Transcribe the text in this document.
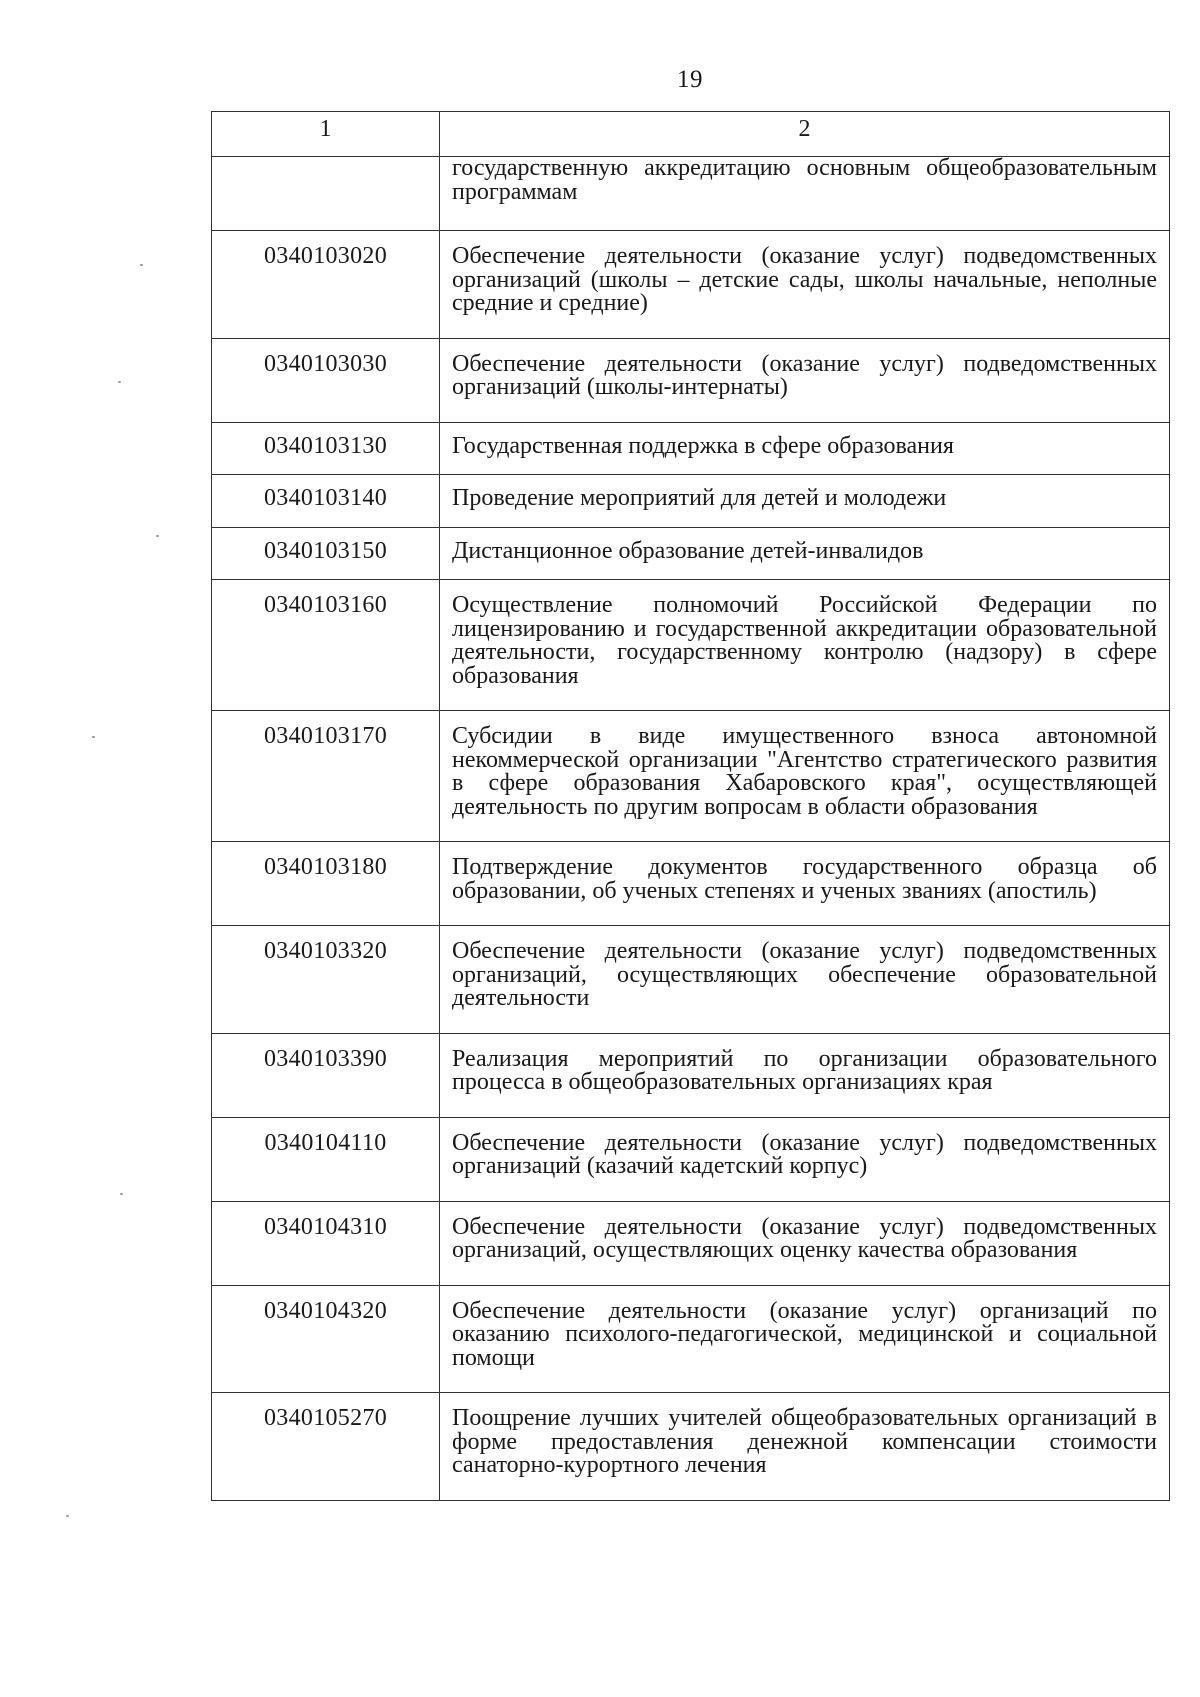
19
1	2
	государственную аккредитацию основным общеобразовательным программам
0340103020	Обеспечение деятельности (оказание услуг) подведомственных организаций (школы – детские сады, школы начальные, неполные средние и средние)
0340103030	Обеспечение деятельности (оказание услуг) подведомственных организаций (школы-интернаты)
0340103130	Государственная поддержка в сфере образования
0340103140	Проведение мероприятий для детей и молодежи
0340103150	Дистанционное образование детей-инвалидов
0340103160	Осуществление полномочий Российской Федерации по лицензированию и государственной аккредитации образовательной деятельности, государственному контролю (надзору) в сфере образования
0340103170	Субсидии в виде имущественного взноса автономной некоммерческой организации "Агентство стратегического развития в сфере образования Хабаровского края", осуществляющей деятельность по другим вопросам в области образования
0340103180	Подтверждение документов государственного образца об образовании, об ученых степенях и ученых званиях (апостиль)
0340103320	Обеспечение деятельности (оказание услуг) подведомственных организаций, осуществляющих обеспечение образовательной деятельности
0340103390	Реализация мероприятий по организации образовательного процесса в общеобразовательных организациях края
0340104110	Обеспечение деятельности (оказание услуг) подведомственных организаций (казачий кадетский корпус)
0340104310	Обеспечение деятельности (оказание услуг) подведомственных организаций, осуществляющих оценку качества образования
0340104320	Обеспечение деятельности (оказание услуг) организаций по оказанию психолого-педагогической, медицинской и социальной помощи
0340105270	Поощрение лучших учителей общеобразовательных организаций в форме предоставления денежной компенсации стоимости санаторно-курортного лечения
